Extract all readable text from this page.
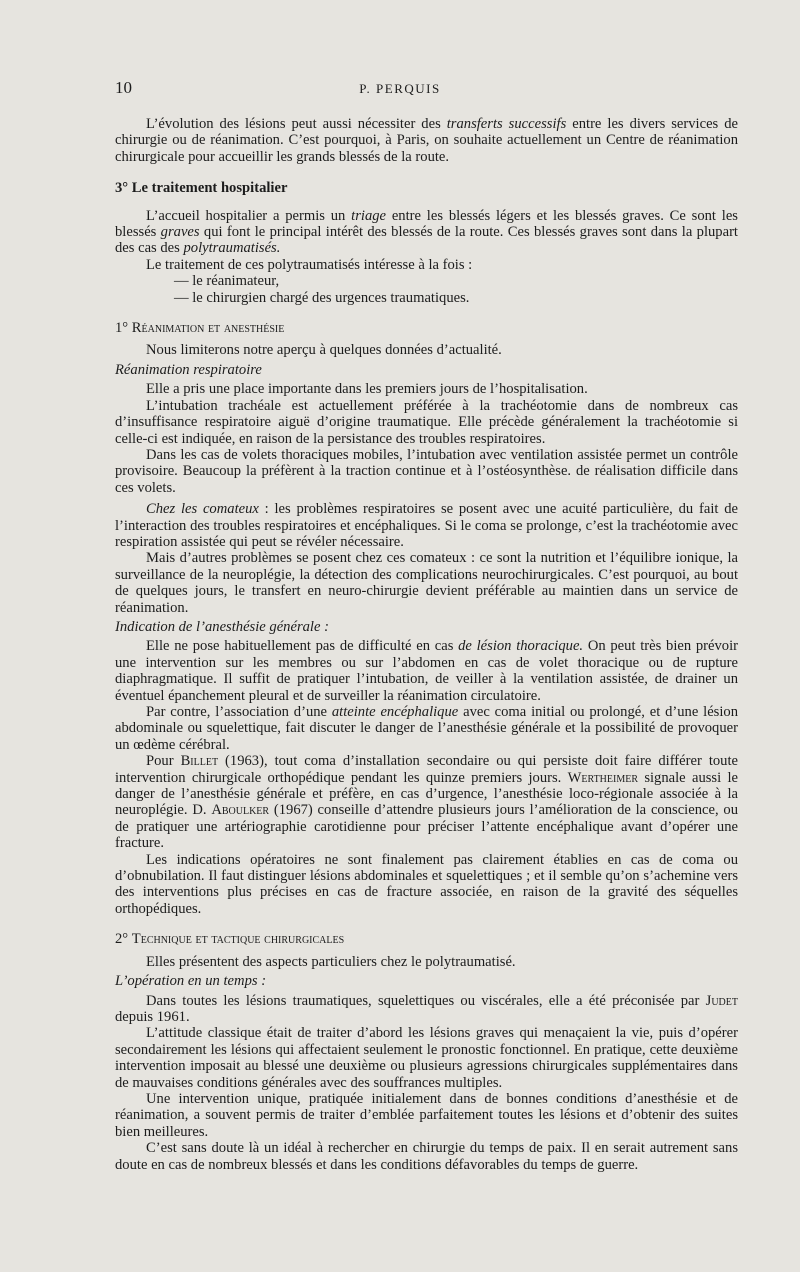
10	P. PERQUIS

L’évolution des lésions peut aussi nécessiter des transferts successifs entre les divers services de chirurgie ou de réanimation. C’est pourquoi, à Paris, on souhaite actuellement un Centre de réanimation chirurgicale pour accueillir les grands blessés de la route.

3° Le traitement hospitalier

L’accueil hospitalier a permis un triage entre les blessés légers et les blessés graves. Ce sont les blessés graves qui font le principal intérêt des blessés de la route. Ces blessés graves sont dans la plupart des cas des polytraumatisés.

Le traitement de ces polytraumatisés intéresse à la fois :

— le réanimateur,

— le chirurgien chargé des urgences traumatiques.

1° Réanimation et anesthésie

Nous limiterons notre aperçu à quelques données d’actualité.

Réanimation respiratoire

Elle a pris une place importante dans les premiers jours de l’hospitalisation.

L’intubation trachéale est actuellement préférée à la trachéotomie dans de nombreux cas d’insuffisance respiratoire aiguë d’origine traumatique. Elle précède généralement la trachéotomie si celle-ci est indiquée, en raison de la persistance des troubles respiratoires.

Dans les cas de volets thoraciques mobiles, l’intubation avec ventilation assistée permet un contrôle provisoire. Beaucoup la préfèrent à la traction continue et à l’ostéosynthèse. de réalisation difficile dans ces volets.

Chez les comateux : les problèmes respiratoires se posent avec une acuité particulière, du fait de l’interaction des troubles respiratoires et encéphaliques. Si le coma se prolonge, c’est la trachéotomie avec respiration assistée qui peut se révéler nécessaire.

Mais d’autres problèmes se posent chez ces comateux : ce sont la nutrition et l’équilibre ionique, la surveillance de la neuroplégie, la détection des complications neurochirurgicales. C’est pourquoi, au bout de quelques jours, le transfert en neuro-chirurgie devient préférable au maintien dans un service de réanimation.

Indication de l’anesthésie générale :

Elle ne pose habituellement pas de difficulté en cas de lésion thoracique. On peut très bien prévoir une intervention sur les membres ou sur l’abdomen en cas de volet thoracique ou de rupture diaphragmatique. Il suffit de pratiquer l’intubation, de veiller à la ventilation assistée, de drainer un éventuel épanchement pleural et de surveiller la réanimation circulatoire.

Par contre, l’association d’une atteinte encéphalique avec coma initial ou prolongé, et d’une lésion abdominale ou squelettique, fait discuter le danger de l’anesthésie générale et la possibilité de provoquer un œdème cérébral.

Pour Billet (1963), tout coma d’installation secondaire ou qui persiste doit faire différer toute intervention chirurgicale orthopédique pendant les quinze premiers jours. Wertheimer signale aussi le danger de l’anesthésie générale et préfère, en cas d’urgence, l’anesthésie loco-régionale associée à la neuroplégie. D. Aboulker (1967) conseille d’attendre plusieurs jours l’amélioration de la conscience, ou de pratiquer une artériographie carotidienne pour préciser l’attente encéphalique avant d’opérer une fracture.

Les indications opératoires ne sont finalement pas clairement établies en cas de coma ou d’obnubilation. Il faut distinguer lésions abdominales et squelettiques ; et il semble qu’on s’achemine vers des interventions plus précises en cas de fracture associée, en raison de la gravité des séquelles orthopédiques.

2° Technique et tactique chirurgicales

Elles présentent des aspects particuliers chez le polytraumatisé.

L’opération en un temps :

Dans toutes les lésions traumatiques, squelettiques ou viscérales, elle a été préconisée par Judet depuis 1961.

L’attitude classique était de traiter d’abord les lésions graves qui menaçaient la vie, puis d’opérer secondairement les lésions qui affectaient seulement le pronostic fonctionnel. En pratique, cette deuxième intervention imposait au blessé une deuxième ou plusieurs agressions chirurgicales supplémentaires dans de mauvaises conditions générales avec des souffrances multiples.

Une intervention unique, pratiquée initialement dans de bonnes conditions d’anesthésie et de réanimation, a souvent permis de traiter d’emblée parfaitement toutes les lésions et d’obtenir des suites bien meilleures.

C’est sans doute là un idéal à rechercher en chirurgie du temps de paix. Il en serait autrement sans doute en cas de nombreux blessés et dans les conditions défavorables du temps de guerre.
